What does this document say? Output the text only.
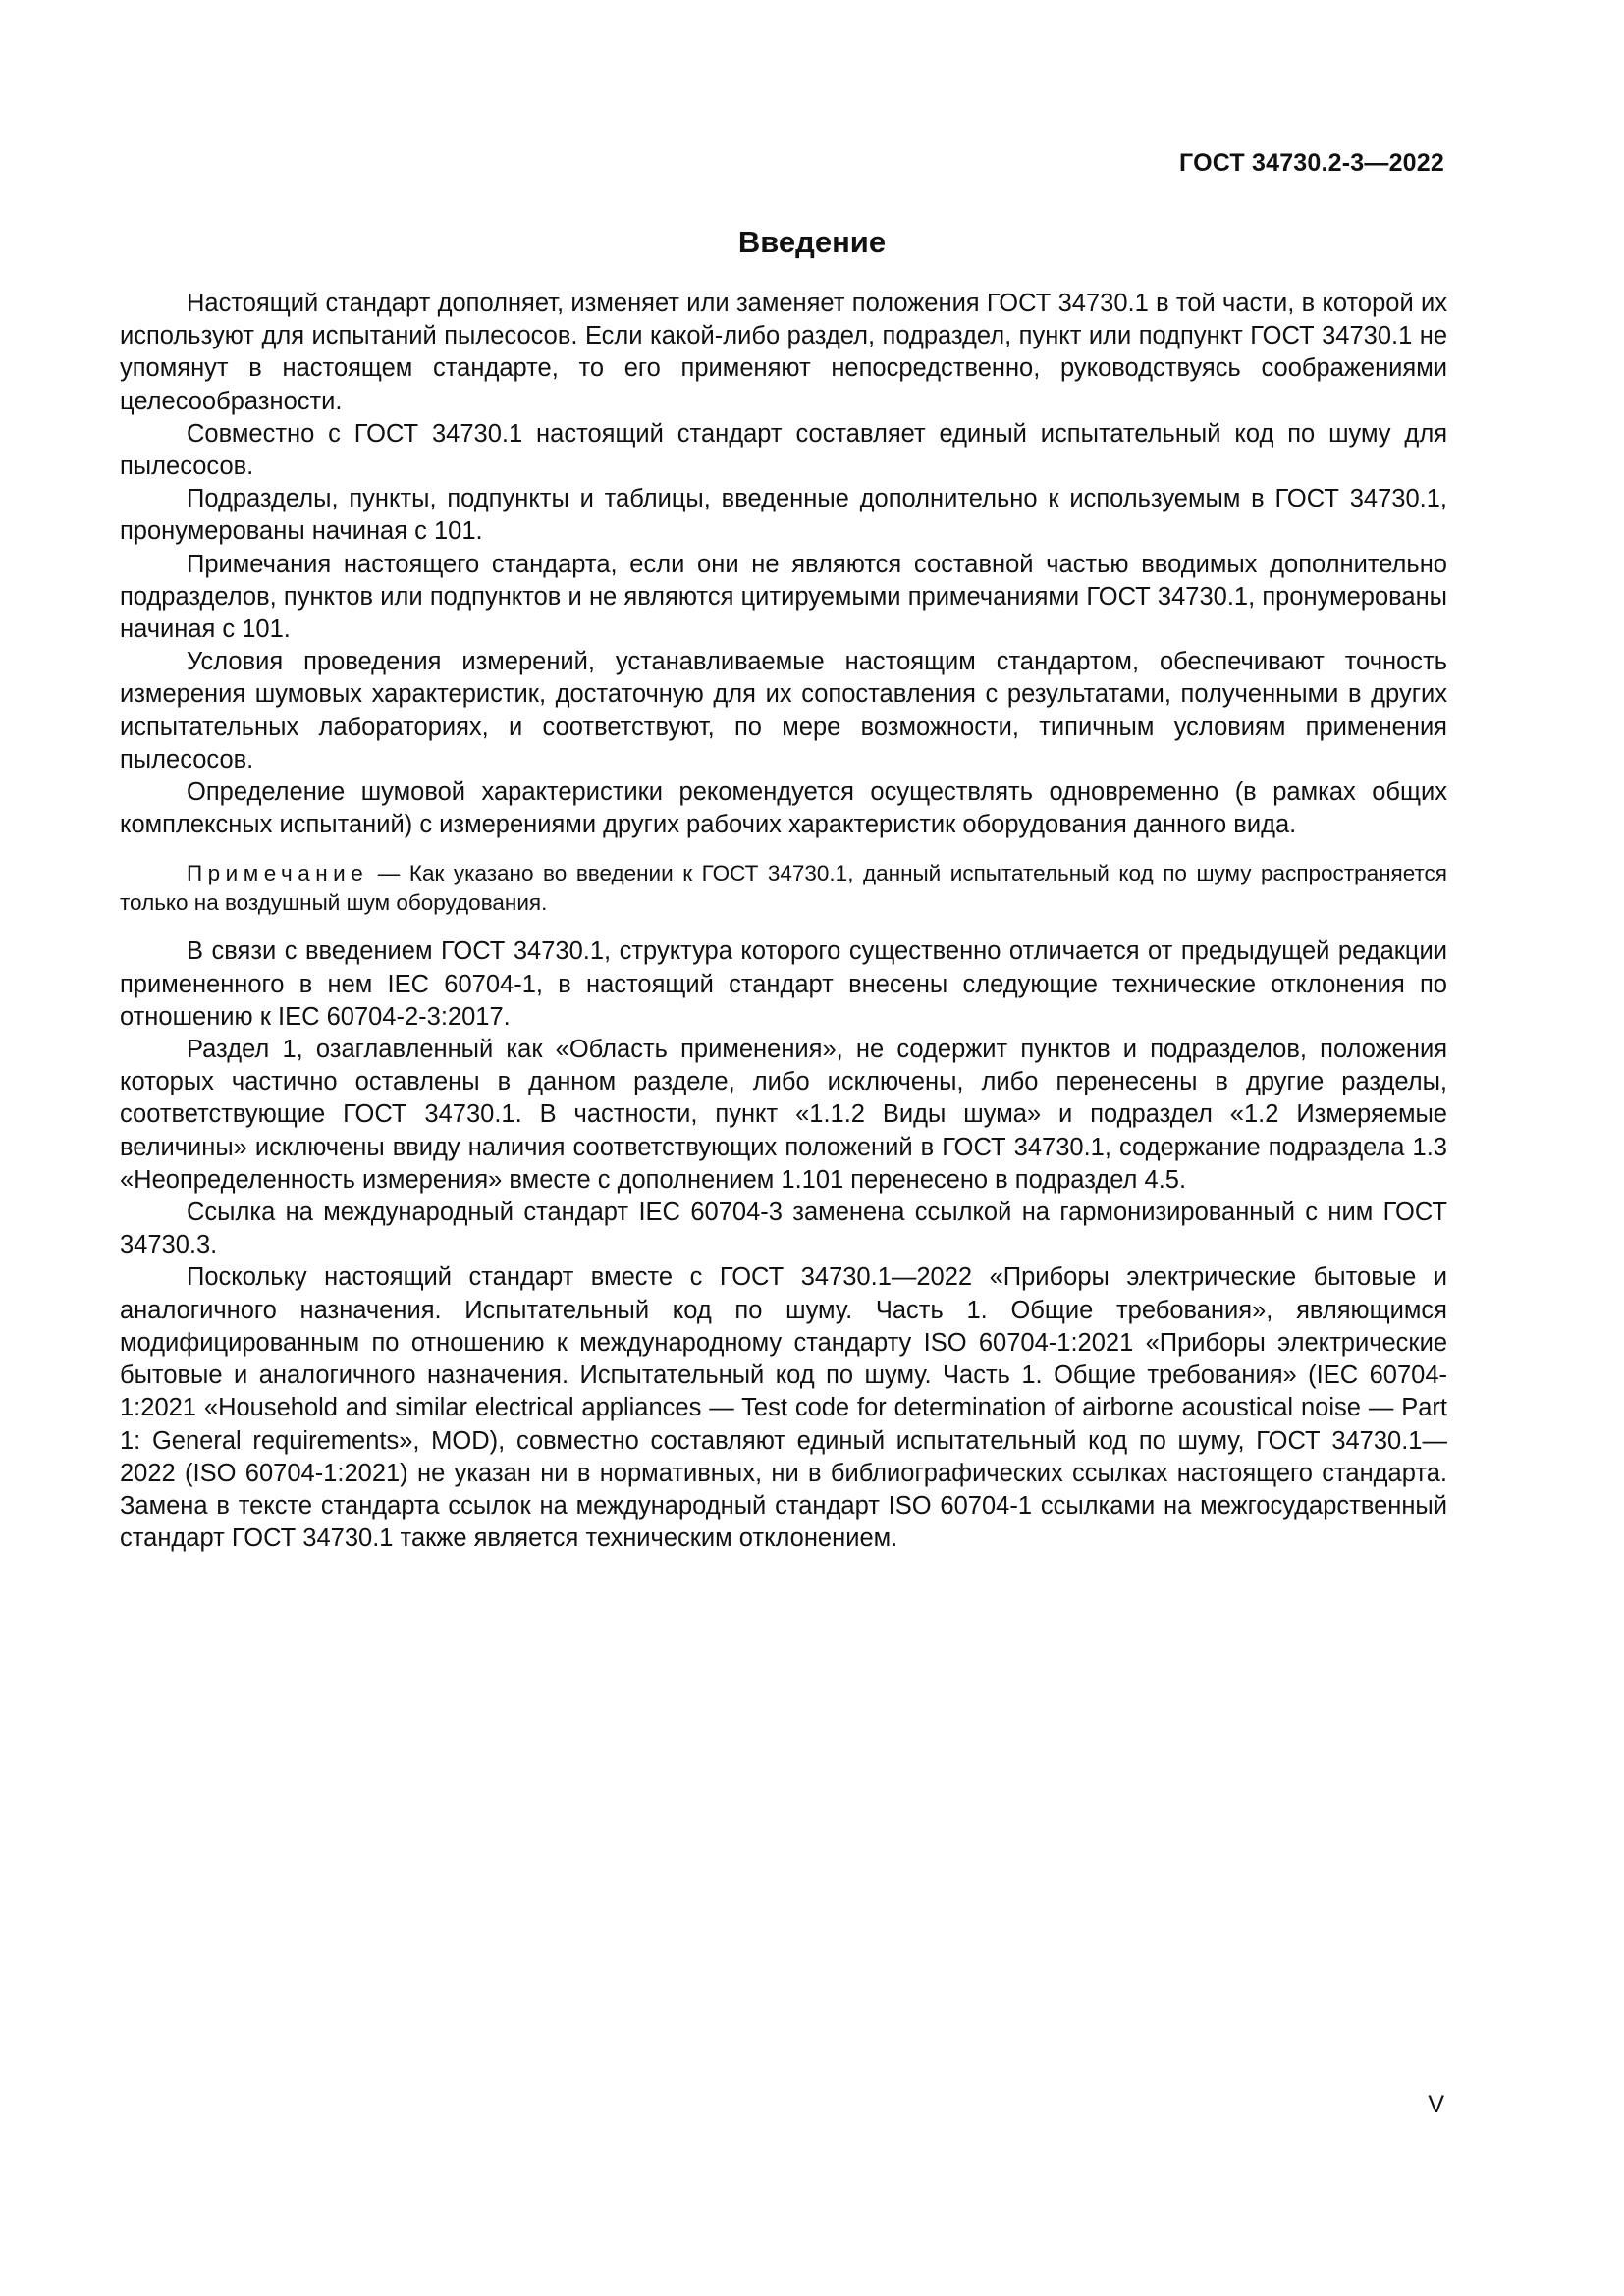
ГОСТ 34730.2-3—2022
Введение

Настоящий стандарт дополняет, изменяет или заменяет положения ГОСТ 34730.1 в той части, в которой их используют для испытаний пылесосов. Если какой-либо раздел, подраздел, пункт или подпункт ГОСТ 34730.1 не упомянут в настоящем стандарте, то его применяют непосредственно, руководствуясь соображениями целесообразности.

Совместно с ГОСТ 34730.1 настоящий стандарт составляет единый испытательный код по шуму для пылесосов.

Подразделы, пункты, подпункты и таблицы, введенные дополнительно к используемым в ГОСТ 34730.1, пронумерованы начиная с 101.

Примечания настоящего стандарта, если они не являются составной частью вводимых дополнительно подразделов, пунктов или подпунктов и не являются цитируемыми примечаниями ГОСТ 34730.1, пронумерованы начиная с 101.

Условия проведения измерений, устанавливаемые настоящим стандартом, обеспечивают точность измерения шумовых характеристик, достаточную для их сопоставления с результатами, полученными в других испытательных лабораториях, и соответствуют, по мере возможности, типичным условиям применения пылесосов.

Определение шумовой характеристики рекомендуется осуществлять одновременно (в рамках общих комплексных испытаний) с измерениями других рабочих характеристик оборудования данного вида.

Примечание — Как указано во введении к ГОСТ 34730.1, данный испытательный код по шуму распространяется только на воздушный шум оборудования.

В связи с введением ГОСТ 34730.1, структура которого существенно отличается от предыдущей редакции примененного в нем IEC 60704-1, в настоящий стандарт внесены следующие технические отклонения по отношению к IEC 60704-2-3:2017.

Раздел 1, озаглавленный как «Область применения», не содержит пунктов и подразделов, положения которых частично оставлены в данном разделе, либо исключены, либо перенесены в другие разделы, соответствующие ГОСТ 34730.1. В частности, пункт «1.1.2 Виды шума» и подраздел «1.2 Измеряемые величины» исключены ввиду наличия соответствующих положений в ГОСТ 34730.1, содержание подраздела 1.3 «Неопределенность измерения» вместе с дополнением 1.101 перенесено в подраздел 4.5.

Ссылка на международный стандарт IEC 60704-3 заменена ссылкой на гармонизированный с ним ГОСТ 34730.3.

Поскольку настоящий стандарт вместе с ГОСТ 34730.1—2022 «Приборы электрические бытовые и аналогичного назначения. Испытательный код по шуму. Часть 1. Общие требования», являющимся модифицированным по отношению к международному стандарту ISO 60704-1:2021 «Приборы электрические бытовые и аналогичного назначения. Испытательный код по шуму. Часть 1. Общие требования» (IEC 60704-1:2021 «Household and similar electrical appliances — Test code for determination of airborne acoustical noise — Part 1: General requirements», MOD), совместно составляют единый испытательный код по шуму, ГОСТ 34730.1—2022 (ISO 60704-1:2021) не указан ни в нормативных, ни в библиографических ссылках настоящего стандарта. Замена в тексте стандарта ссылок на международный стандарт ISO 60704-1 ссылками на межгосударственный стандарт ГОСТ 34730.1 также является техническим отклонением.

V
